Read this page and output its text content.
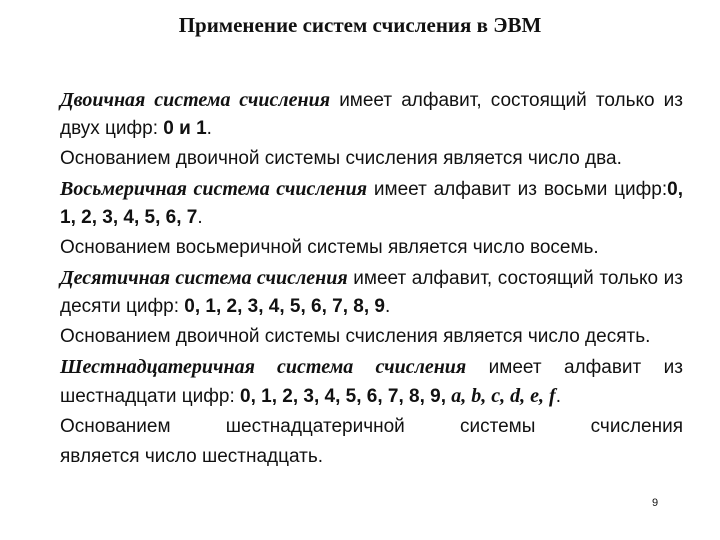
Применение систем счисления в ЭВМ

Двоичная система счисления имеет алфавит, состоящий только из двух цифр: 0 и 1.

Основанием двоичной системы счисления является число два.

Восьмеричная система счисления имеет алфавит из восьми цифр:0, 1, 2, 3, 4, 5, 6, 7.

Основанием восьмеричной системы является число восемь.

Десятичная система счисления имеет алфавит, состоящий только из десяти цифр: 0, 1, 2, 3, 4, 5, 6, 7, 8, 9.

Основанием двоичной системы счисления является число десять.

Шестнадцатеричная система счисления имеет алфавит из шестнадцати цифр: 0, 1, 2, 3, 4, 5, 6, 7, 8, 9, a, b, c, d, e, f.

Основанием шестнадцатеричной системы счисления

является число шестнадцать.

9
